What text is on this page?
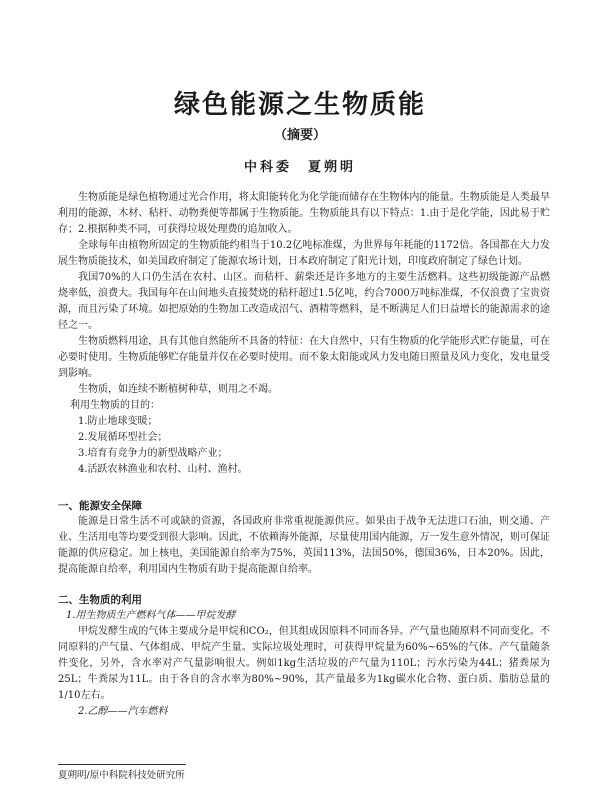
绿色能源之生物质能
（摘要）
中科委　夏朔明

生物质能是绿色植物通过光合作用，将太阳能转化为化学能而储存在生物体内的能量。生物质能是人类最早利用的能源，木材、秸杆、动物粪便等都属于生物质能。生物质能具有以下特点：1.由于是化学能，因此易于贮存；2.根据种类不同，可获得垃圾处理费的追加收入。

全球每年由植物所固定的生物质能约相当于10.2亿吨标准煤，为世界每年耗能的1172倍。各国都在大力发展生物质能技术，如美国政府制定了能源农场计划，日本政府制定了阳光计划，印度政府制定了绿色计划。

我国70%的人口仍生活在农村、山区。而秸杆、薪柴还是许多地方的主要生活燃料。这些初级能源产品燃烧率低，浪费大。我国每年在山间地头直接焚烧的秸杆超过1.5亿吨，约合7000万吨标准煤，不仅浪费了宝贵资源，而且污染了环境。如把原始的生物加工改造成沼气、酒精等燃料，是不断满足人们日益增长的能源需求的途径之一。

生物质燃料用途，具有其他自然能所不具备的特征：在大自然中，只有生物质的化学能形式贮存能量，可在必要时使用。生物质能够贮存能量并仅在必要时使用。而不象太阳能或风力发电随日照量及风力变化，发电量受到影响。

生物质，如连续不断植树种草，则用之不竭。

利用生物质的目的：

1.防止地球变暖；

2.发展循环型社会；

3.培育有竞争力的新型战略产业；

4.活跃农林渔业和农村、山村、渔村。

一、能源安全保障

能源是日常生活不可或缺的资源，各国政府非常重视能源供应。如果由于战争无法进口石油，则交通、产业、生活用电等均要受到很大影响。因此，不依赖海外能源，尽量使用国内能源，万一发生意外情况，则可保证能源的供应稳定。加上核电，美国能源自给率为75%，英国113%，法国50%，德国36%，日本20%。因此，提高能源自给率，利用国内生物质有助于提高能源自给率。

二、生物质的利用

1.用生物质生产燃料气体——甲烷发酵

甲烷发酵生成的气体主要成分是甲烷和CO₂，但其组成因原料不同而各异。产气量也随原料不同而变化。不同原料的产气量、气体组成、甲烷产生量。实际垃圾处理时，可获得甲烷量为60%~65%的气体。产气量随条件变化，另外，含水率对产气量影响很大。例如1kg生活垃圾的产气量为110L；污水污染为44L；猪粪尿为25L；牛粪尿为11L。由于各自的含水率为80%~90%，其产量最多为1kg碳水化合物、蛋白质、脂肪总量的1/10左右。

2.乙醇——汽车燃料

夏朔明/原中科院科技处研究所
